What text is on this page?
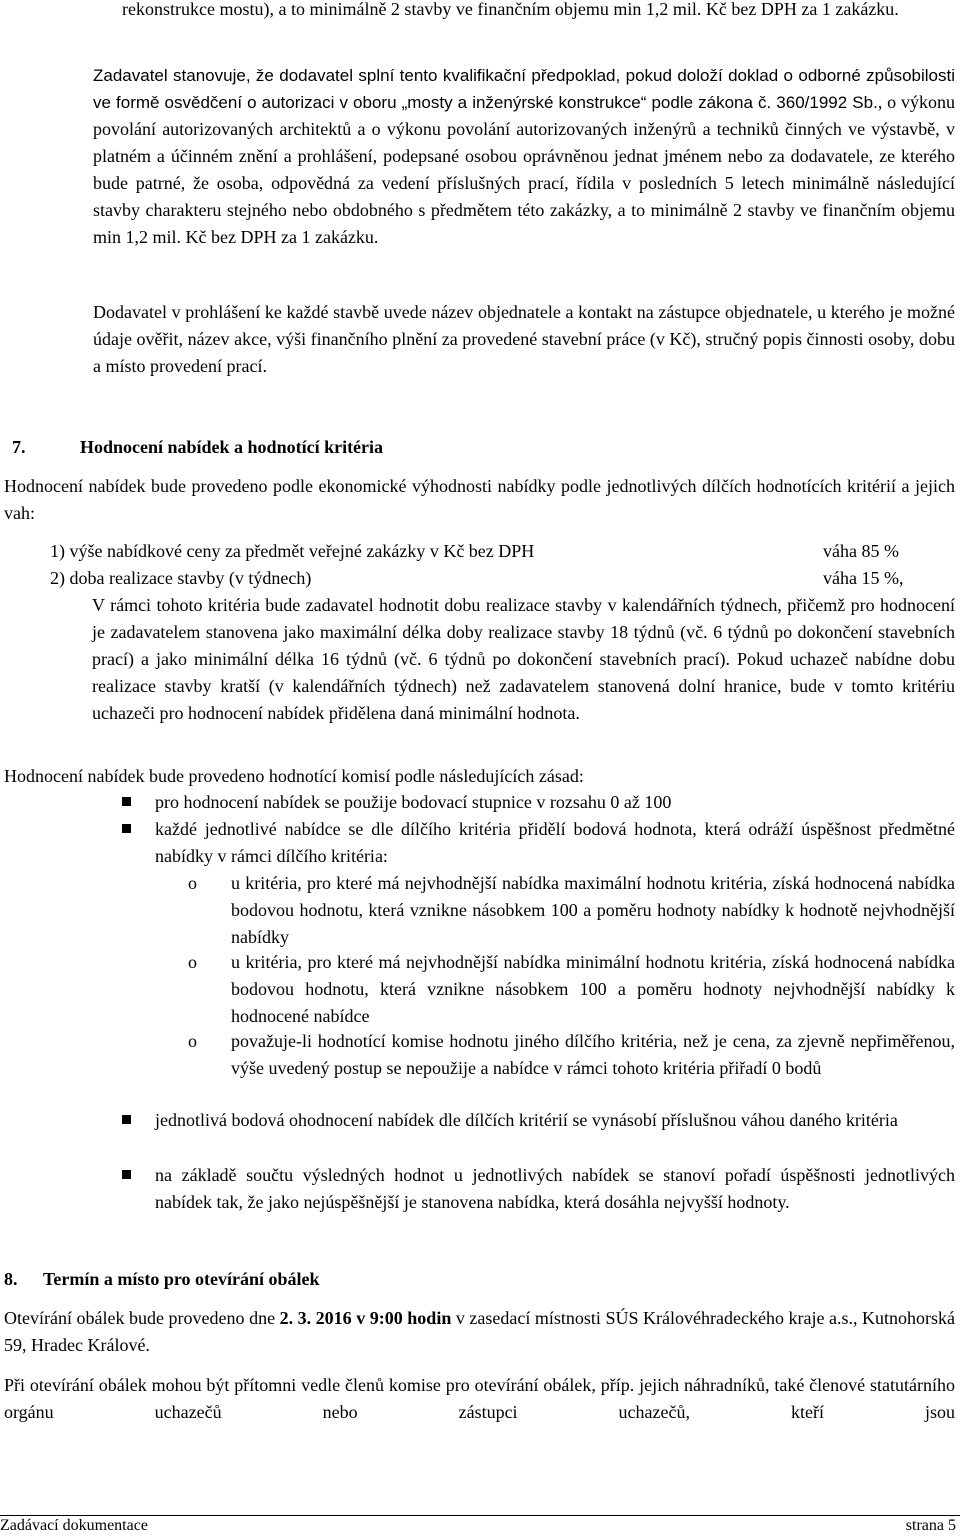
rekonstrukce mostu), a to minimálně 2 stavby ve finančním objemu min 1,2 mil. Kč bez DPH za 1 zakázku.

Zadavatel stanovuje, že dodavatel splní tento kvalifikační předpoklad, pokud doloží doklad o odborné způsobilosti ve formě osvědčení o autorizaci v oboru „mosty a inženýrské konstrukce“ podle zákona č. 360/1992 Sb., o výkonu povolání autorizovaných architektů a o výkonu povolání autorizovaných inženýrů a techniků činných ve výstavbě, v platném a účinném znění a prohlášení, podepsané osobou oprávněnou jednat jménem nebo za dodavatele, ze kterého bude patrné, že osoba, odpovědná za vedení příslušných prací, řídila v posledních 5 letech minimálně následující stavby charakteru stejného nebo obdobného s předmětem této zakázky, a to minimálně 2 stavby ve finančním objemu min 1,2 mil. Kč bez DPH za 1 zakázku.

Dodavatel v prohlášení ke každé stavbě uvede název objednatele a kontakt na zástupce objednatele, u kterého je možné údaje ověřit, název akce, výši finančního plnění za provedené stavební práce (v Kč), stručný popis činnosti osoby, dobu a místo provedení prací.

7.	Hodnocení nabídek a hodnotící kritéria

Hodnocení nabídek bude provedeno podle ekonomické výhodnosti nabídky podle jednotlivých dílčích hodnotících kritérií a jejich vah:

1) výše nabídkové ceny za předmět veřejné zakázky v Kč bez DPH	váha 85 %
2) doba realizace stavby (v týdnech)	váha 15 %,

V rámci tohoto kritéria bude zadavatel hodnotit dobu realizace stavby v kalendářních týdnech, přičemž pro hodnocení je zadavatelem stanovena jako maximální délka doby realizace stavby 18 týdnů (vč. 6 týdnů po dokončení stavebních prací) a jako minimální délka 16 týdnů (vč. 6 týdnů po dokončení stavebních prací). Pokud uchazeč nabídne dobu realizace stavby kratší (v kalendářních týdnech) než zadavatelem stanovená dolní hranice, bude v tomto kritériu uchazeči pro hodnocení nabídek přidělena daná minimální hodnota.

Hodnocení nabídek bude provedeno hodnotící komisí podle následujících zásad:

pro hodnocení nabídek se použije bodovací stupnice v rozsahu 0 až 100

každé jednotlivé nabídce se dle dílčího kritéria přidělí bodová hodnota, která odráží úspěšnost předmětné nabídky v rámci dílčího kritéria:

o u kritéria, pro které má nejvhodnější nabídka maximální hodnotu kritéria, získá hodnocená nabídka bodovou hodnotu, která vznikne násobkem 100 a poměru hodnoty nabídky k hodnotě nejvhodnější nabídky

o u kritéria, pro které má nejvhodnější nabídka minimální hodnotu kritéria, získá hodnocená nabídka bodovou hodnotu, která vznikne násobkem 100 a poměru hodnoty nejvhodnější nabídky k hodnocené nabídce

o považuje-li hodnotící komise hodnotu jiného dílčího kritéria, než je cena, za zjevně nepřiměřenou, výše uvedený postup se nepoužije a nabídce v rámci tohoto kritéria přiřadí 0 bodů

jednotlivá bodová ohodnocení nabídek dle dílčích kritérií se vynásobí příslušnou váhou daného kritéria

na základě součtu výsledných hodnot u jednotlivých nabídek se stanoví pořadí úspěšnosti jednotlivých nabídek tak, že jako nejúspěšnější je stanovena nabídka, která dosáhla nejvyšší hodnoty.

8. Termín a místo pro otevírání obálek

Otevírání obálek bude provedeno dne 2. 3. 2016 v 9:00 hodin v zasedací místnosti SÚS Královéhradeckého kraje a.s., Kutnohorská 59, Hradec Králové.

Při otevírání obálek mohou být přítomni vedle členů komise pro otevírání obálek, příp. jejich náhradníků, také členové statutárního orgánu uchazečů nebo zástupci uchazečů, kteří jsou

Zadávací dokumentace	strana 5
